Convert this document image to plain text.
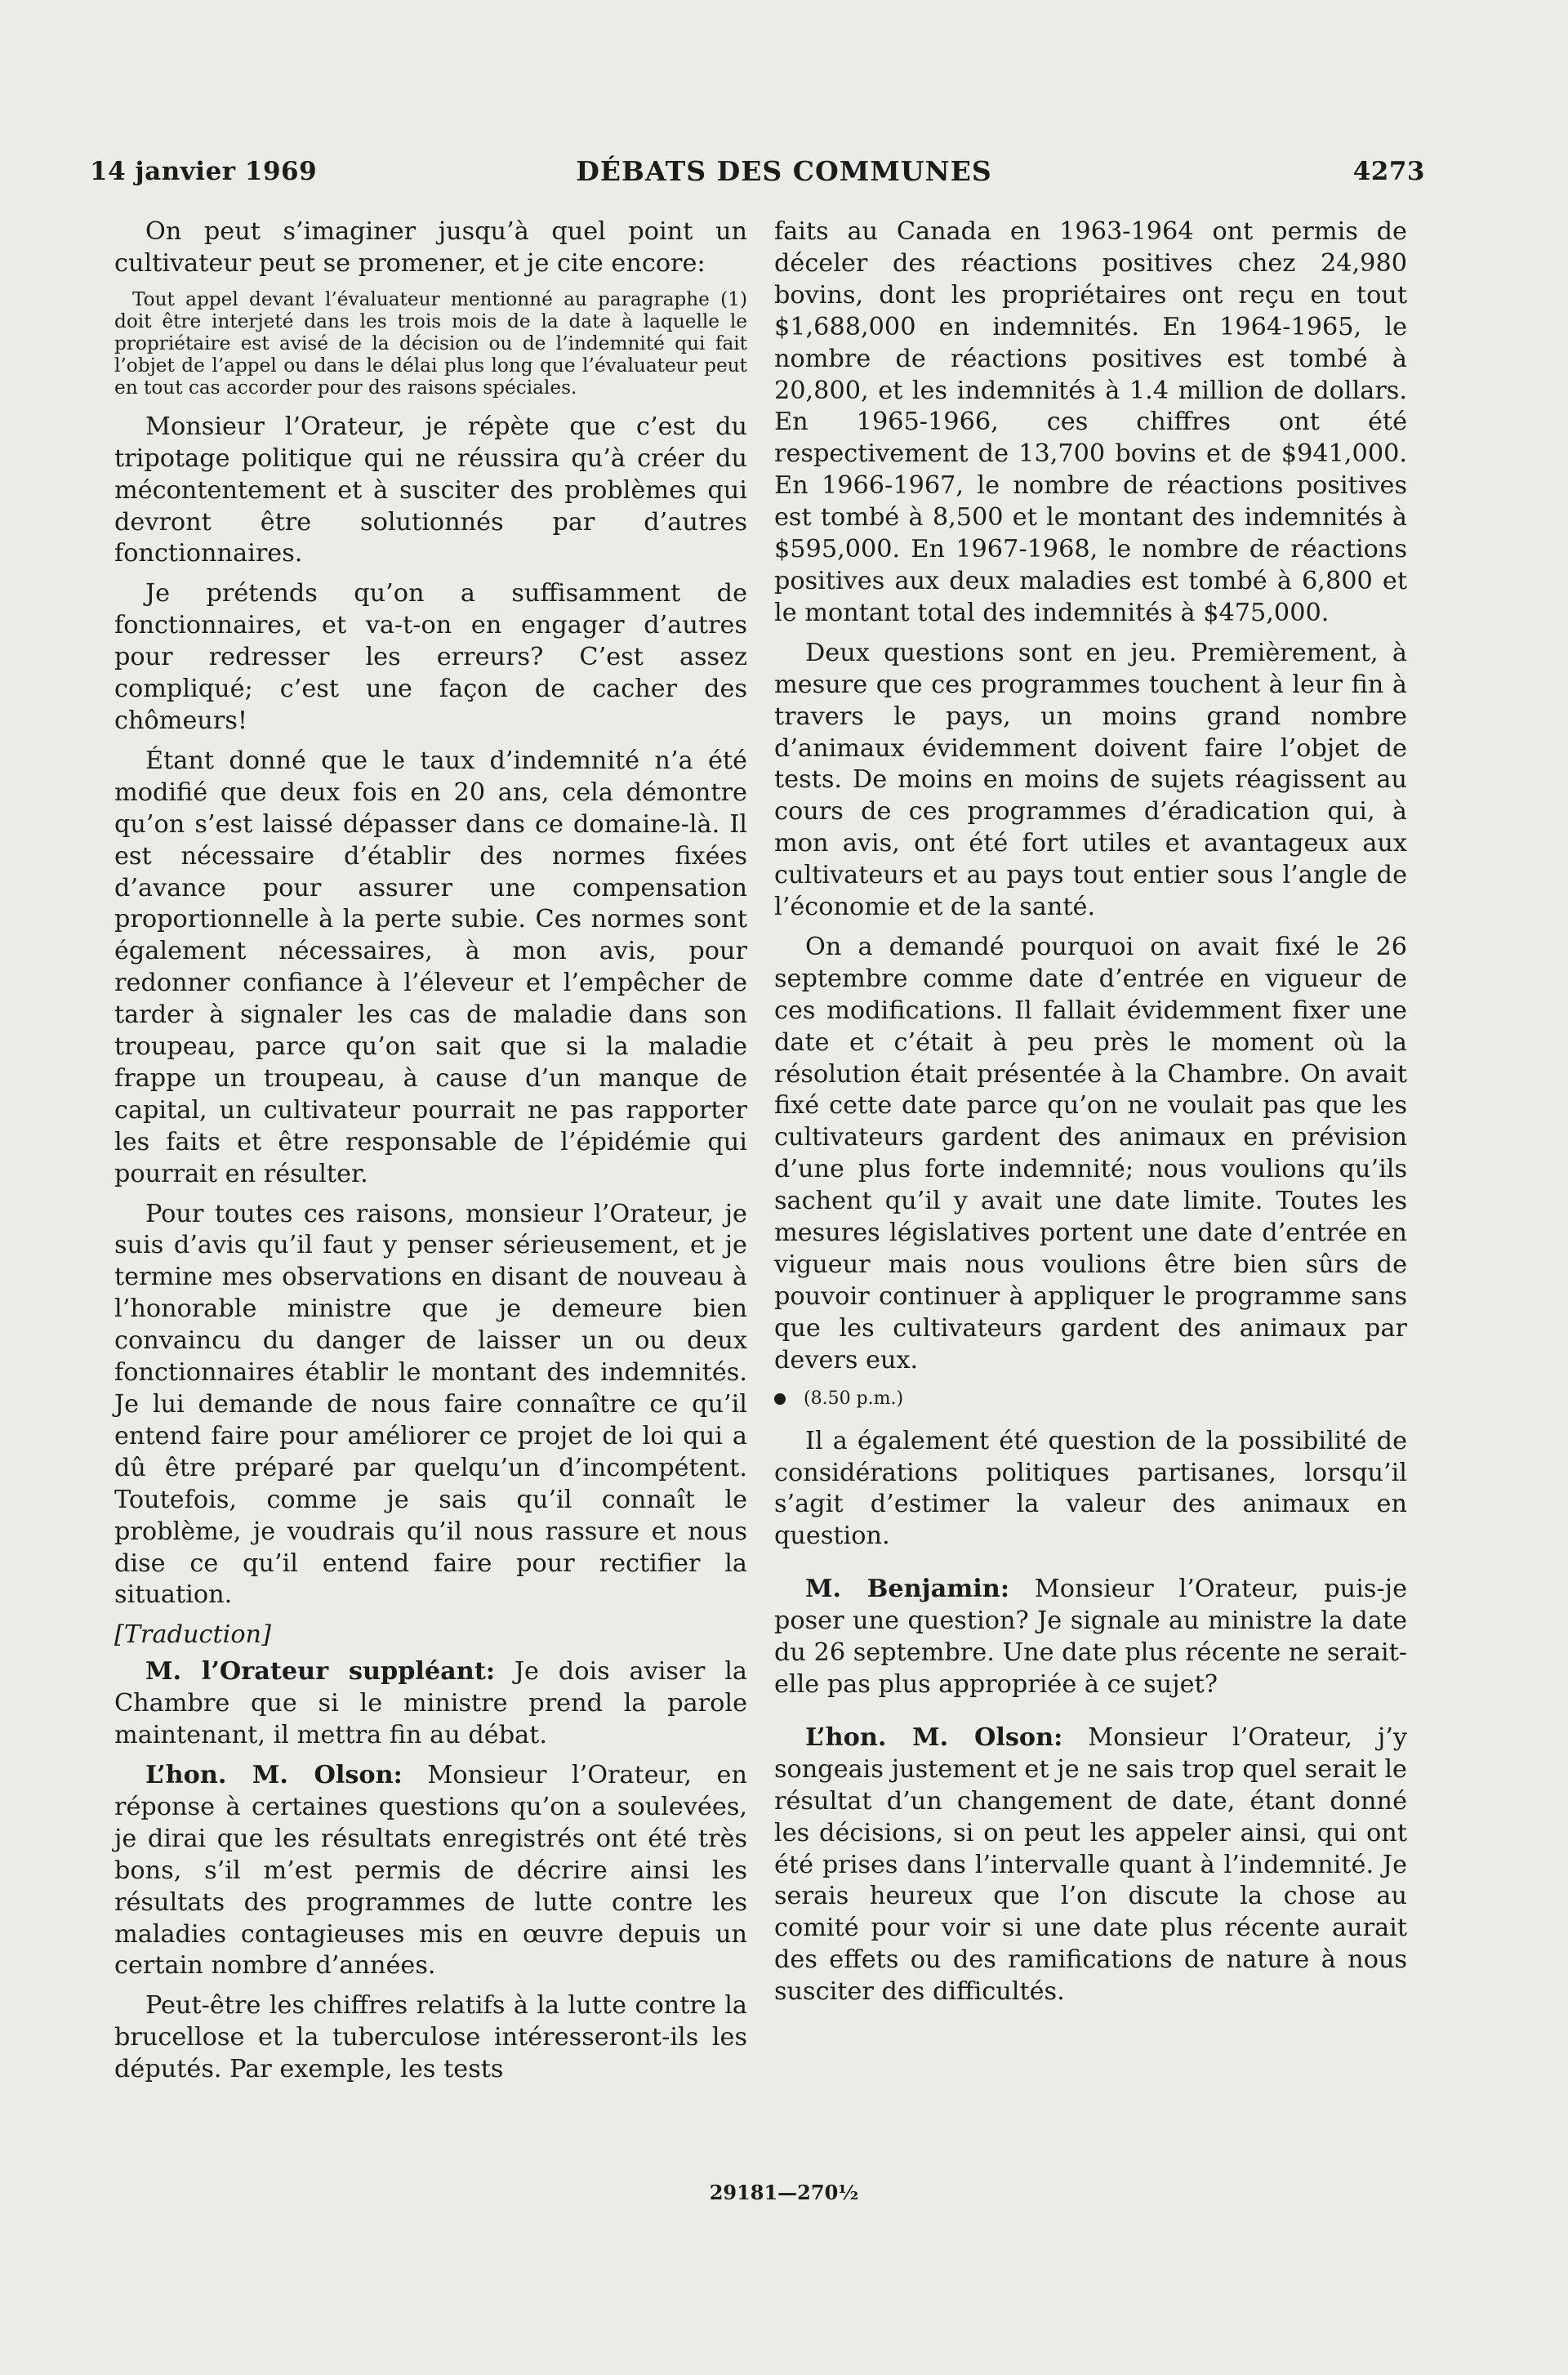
14 janvier 1969	DÉBATS DES COMMUNES	4273

On peut s’imaginer jusqu’à quel point un cultivateur peut se promener, et je cite encore:

Tout appel devant l’évaluateur mentionné au paragraphe (1) doit être interjeté dans les trois mois de la date à laquelle le propriétaire est avisé de la décision ou de l’indemnité qui fait l’objet de l’appel ou dans le délai plus long que l’évaluateur peut en tout cas accorder pour des raisons spéciales.

Monsieur l’Orateur, je répète que c’est du tripotage politique qui ne réussira qu’à créer du mécontentement et à susciter des problèmes qui devront être solutionnés par d’autres fonctionnaires.

Je prétends qu’on a suffisamment de fonctionnaires, et va-t-on en engager d’autres pour redresser les erreurs? C’est assez compliqué; c’est une façon de cacher des chômeurs!

Étant donné que le taux d’indemnité n’a été modifié que deux fois en 20 ans, cela démontre qu’on s’est laissé dépasser dans ce domaine-là. Il est nécessaire d’établir des normes fixées d’avance pour assurer une compensation proportionnelle à la perte subie. Ces normes sont également nécessaires, à mon avis, pour redonner confiance à l’éleveur et l’empêcher de tarder à signaler les cas de maladie dans son troupeau, parce qu’on sait que si la maladie frappe un troupeau, à cause d’un manque de capital, un cultivateur pourrait ne pas rapporter les faits et être responsable de l’épidémie qui pourrait en résulter.

Pour toutes ces raisons, monsieur l’Orateur, je suis d’avis qu’il faut y penser sérieusement, et je termine mes observations en disant de nouveau à l’honorable ministre que je demeure bien convaincu du danger de laisser un ou deux fonctionnaires établir le montant des indemnités. Je lui demande de nous faire connaître ce qu’il entend faire pour améliorer ce projet de loi qui a dû être préparé par quelqu’un d’incompétent. Toutefois, comme je sais qu’il connaît le problème, je voudrais qu’il nous rassure et nous dise ce qu’il entend faire pour rectifier la situation.

[Traduction]

M. l’Orateur suppléant: Je dois aviser la Chambre que si le ministre prend la parole maintenant, il mettra fin au débat.

L’hon. M. Olson: Monsieur l’Orateur, en réponse à certaines questions qu’on a soulevées, je dirai que les résultats enregistrés ont été très bons, s’il m’est permis de décrire ainsi les résultats des programmes de lutte contre les maladies contagieuses mis en œuvre depuis un certain nombre d’années.

Peut-être les chiffres relatifs à la lutte contre la brucellose et la tuberculose intéresseront-ils les députés. Par exemple, les tests

faits au Canada en 1963-1964 ont permis de déceler des réactions positives chez 24,980 bovins, dont les propriétaires ont reçu en tout $1,688,000 en indemnités. En 1964-1965, le nombre de réactions positives est tombé à 20,800, et les indemnités à 1.4 million de dollars. En 1965-1966, ces chiffres ont été respectivement de 13,700 bovins et de $941,000. En 1966-1967, le nombre de réactions positives est tombé à 8,500 et le montant des indemnités à $595,000. En 1967-1968, le nombre de réactions positives aux deux maladies est tombé à 6,800 et le montant total des indemnités à $475,000.

Deux questions sont en jeu. Premièrement, à mesure que ces programmes touchent à leur fin à travers le pays, un moins grand nombre d’animaux évidemment doivent faire l’objet de tests. De moins en moins de sujets réagissent au cours de ces programmes d’éradication qui, à mon avis, ont été fort utiles et avantageux aux cultivateurs et au pays tout entier sous l’angle de l’économie et de la santé.

On a demandé pourquoi on avait fixé le 26 septembre comme date d’entrée en vigueur de ces modifications. Il fallait évidemment fixer une date et c’était à peu près le moment où la résolution était présentée à la Chambre. On avait fixé cette date parce qu’on ne voulait pas que les cultivateurs gardent des animaux en prévision d’une plus forte indemnité; nous voulions qu’ils sachent qu’il y avait une date limite. Toutes les mesures législatives portent une date d’entrée en vigueur mais nous voulions être bien sûrs de pouvoir continuer à appliquer le programme sans que les cultivateurs gardent des animaux par devers eux.

(8.50 p.m.)

Il a également été question de la possibilité de considérations politiques partisanes, lorsqu’il s’agit d’estimer la valeur des animaux en question.

M. Benjamin: Monsieur l’Orateur, puis-je poser une question? Je signale au ministre la date du 26 septembre. Une date plus récente ne serait-elle pas plus appropriée à ce sujet?

L’hon. M. Olson: Monsieur l’Orateur, j’y songeais justement et je ne sais trop quel serait le résultat d’un changement de date, étant donné les décisions, si on peut les appeler ainsi, qui ont été prises dans l’intervalle quant à l’indemnité. Je serais heureux que l’on discute la chose au comité pour voir si une date plus récente aurait des effets ou des ramifications de nature à nous susciter des difficultés.

29181—270½
